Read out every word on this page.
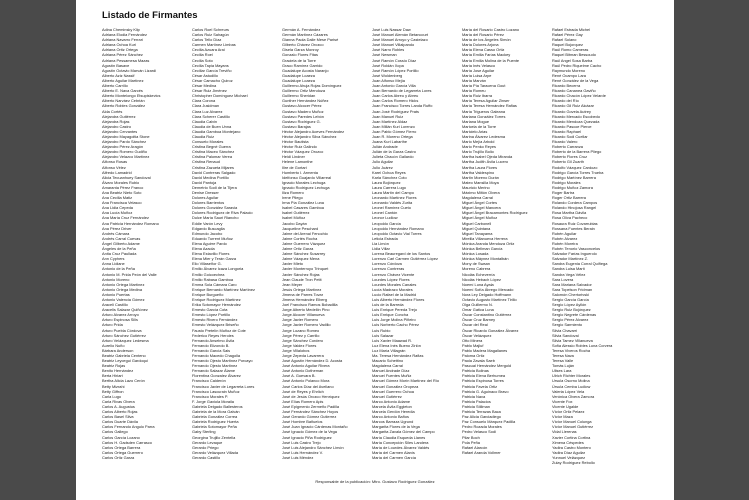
Listado de Firmantes
Adina Cheminsky Klip
Adriana Elodia Fernández
Adriana Navarro Ferrari
Adriana Ochoa Kuri
Adriana Ortiz Ortega
Adriana Pérez Sánchez
Adriana Pessamesa Mazas
Agustín Basave
Agustín Octavio Marván Lizardi
Alberto Aziz Nassif
Alberto Aguilar Martínez
Alberto Carrillo
Alberto E. Nava Garcés
Alberto Montelongo Etsupiskevics
Alberto Narváez Cebrián
Alberto Robles González
Alda Cortés
Alejandra Gutiérrez
Alejandra Rojas
Alejandro Castro
Alejandro Cervantes
Alejandro Mayagoitia Stone
Alejandro Pardo Sánchez
Alejandro Pérez Aragón
Alejandro Romero Gudiño
Alejandro Velazco Martínez
Alfonso Rosas
Alfonso Vélez
Alfredo Lamadrid
Alicia Tecuanhuey Sandoval
Álvaro Morales Rubio
Amaranta Pérez Franco
Ana Beatriz Nieto Soto
Ana Cecilia Matiz
Ana Francisca Velasco
Ana Lidia Cepeda
Ana Lucía Muñoz
Ana María Cruz Fernández
Ana Patricia Hernández Romano
Ana Pérez Driver
Andrés Cámara
Andrés Carral Cuevas
Ángel Gilberto Adame
Ángeles de la Peña
Anita Cruz Paullada
Ann Cyphers
Anna Lidiane
Antonio de la Peña
Antonio M. Prida Peón del Valle
Antonio Moreno
Antonio Ortega Martínez
Antonio Ortega Medina
Antonio Puertas
Antonio Valencia Gómez
Araceli Castillo
Aracelis Salazar Quiñónez
Arturo Alvarez Arroyo
Arturo Espinosa Silis
Arturo Prida
Arturo Puebla Córdova
Arturo Sánchez Gutiérrez
Arturo Velázquez Ledesma
Aurelio Nuño
Bárbara Anderson
Beatriz Gabriela Centeno
Beatriz Leycegui Gardoqui
Beatriz Rojas
Benito Hernández
Berta Hiriart
Bertha Alicia Lazo Cerón
Betty Mizrahi
Betty Giffron
Carla Lugo
Carla Rivas Olvera
Carlos A. Augustus
Carlos Alberto Rojas
Carlos Basel Silva
Carlos Duarte Dávila
Carlos Fernando Angulo Parra
Carlos Gallego
Carlos García Lozano
Carlos H. Gadsden Carrasco
Carlos Ortega Barrera
Carlos Ortega Guerrero
Carlos Ortiz Garza
Carlos Roel Schreurs
Carlos Ruiz Sahagún
Carlos Tello Díaz
Carmen Martínez Limbas
Cecilia Azuara Arai
Cecilia Roel
Cecilia Soto
Cecilia Tapia Mayans
Ceciliar García Treviño
César Astudillo
César Camacho Quiroz
César Medina
César Ruiz Jiménez
Christopher Domínguez Michael
Clara Corona
Clara Jusidman
Clara Luz Alvarez
Clara Scherer Castillo
Claudia Calvin
Claudia de Buen Unna
Claudia Gamboa Montejano
Claudia Ruiz
Consuelo Morales
Cristina Begné Guerra
Cristina Maceo Sánchez
Cristina Palomar Verea
Cristina Renaud
Cristina Zazueta Mijares
David Contreras Salgado
David Medina Portillo
David Pantoja
Demetrio Sodi de la Tijera
Denise Dresser
Dolores Aguilar
Dolores Barrientos
Dolores González Saravia
Dolores Rodríguez de Riva Palacio
Dulce María Sauri Riancho
Eddie Varón Levy
Edgardo Buscaglia
Edmundo Jacobo
Eduardo Turrent Muñoz
Elena Aguirre Pardo
Elena Azaola
Elena Estavillo Flores
Elena Mier y Terán Garza
Elio Villaseñor G.
Emilio Álvarez Icaza Longoria
Emilio Goicoechea
Emilio Rabasa Gamboa
Emma Sola Cámara Caro
Enrique Bernardo Martínez Martínez
Enrique Burgueño
Enrique Rodríguez Martínez
Erika Sotomayor Hernández
Ernesto García Cota
Ernesto López Portillo
Ernesto Rivero Fernández
Ernesto Velázquez Briseño
Fausto Pretelín Muñoz de Cote
Federico Reyes Heroles
Fernando Anselmo Ávila
Fernando Elizondo B.
Fernando García Sais
Fernando Macedo Chagolla
Fernando Ojesto Martínez Porcayo
Fernando Ojesto Martínez
Fernando Salazar Álame
Florentina Gonzalez Álvarez
Francisco Calderón
Francisco Javier de Legarreta Lores
Francisco Lascurain Muñoz
Francisco Morales P.
F. Jorge Gaxiola Moraila
Gabriela Delgado Ballesteros
Gabriela de la Mora Galván
Gabriela González Correa
Gabriela Rodríguez Huerta
Gabriela Sotomayor Peña
Gaby Sterling
Georgina Trujillo Zentella
Gerardo Levaque
Gerardo Priego
Gerardo Velázquez Villada
Gerardo Castillo
Germán A. Fernández
Germán Martínez Cázares
Gianna Paola Dalle Mese Parisé
Gilberto Chávez Orozco
Gisela Garza Monroy
Gonzalo Flores Fitas
Graciela de la Torre
Graco Ramírez Garrido
Guadalupe Acosta Naranjo
Guadalupe Loaeza
Guadalupe Loaeza
Guillermo Ahuja Rojas Domínguez
Guillermo Ortiz Mendoza
Guillermo Sheridan
Gunther Hernández Núñez
Gustavo Alcocer Pérez
Gustavo Madero Muñoz
Gustavo Paredes Lebón
Gustavo Rodríguez G.
Gustavo Barajas
Héctor Alejandro Aceves Fernández
Héctor Alejandro Silva Sánchez
Héctor Bautista
Héctor Ruiz Galindo
Héctor Vázquez Orozco
Heidi Lindner
Helene Lamonthe
Ilire de Gortari
Humberto I. Armenta
Idelfonso Guajardo Villarreal
Ignacio Morales Lechuga
Ignacio Rodríguez Lechuga
Iliza Romero
Irene Pliego
Irma Pía González Luna
Isabel Casares Gamboa
Isabel Gutiérrez
Isabel Múñoz
Jacobo Dayán
Jacqueline Peschard
Jaime del Arenal Fenochio
Jaime Cortés Rocha
Jaime Guerrero Vázquez
Jaime Ortiz Garza
Jaime Sánchez Susarrey
Jaime Vázquez Mena
Javier Mieto
Javier Monterroyo Trinquet
Javier Sánchez Rojas
Jean Claude Tron Petit
Jean Meyer
Jesús Ortega Martínez
Jimena de Parres Tovar
Jimena Hernández Elberg
Joel Francisco Ramos Bobadilla
Jorge Alberto Medellín Pino
Jorge Alcocer Villanueva
Jorge Javier Romero
Jorge Javier Romero Vadillo
Jorge Lozano Romeo
Jorge Pérez y Carrillo
Jorge Sánchez Cordero
Jorge Valdez Flores
Jorge Villalobos
Jorge Zepeda Lavarrera
José Agustín Hernández D. Acosta
José Antonio Aguilar Rivera
José Antonio Dotheman
José A. Guevara B.
José Antonio Polanco Mora
José Carlos Díaz del Avellano
José de Reyes y Ehrlich
José de Jesús Orozco Henríquez
José Elías Romero Apis
José Epigmenio Zermeño Padilla
José Fernández Sánchez Hoyos
José Gerardo Gómez Gutierrez
José Hombre Bañuelos
José Juan Ignacio Cárdenas Montaño
José Ignacio Gómez de la Vega
José Ignacio Piña Rodríguez
José Luis Castro Trejo
José Luis Alejandro Sánchez Limón
José Luis Hernández V.
José Luis Méndez
José Luis Nassar Daw
José Manuel Alemán Betancourt
José Manuel Arroyo y Castelazo
José Manuel Villalpando
José Narro Robles
José Newman
José Ramón Cossío Díaz
José Roldán Xopa
José Ramón López Portillo
José Woldenberg
Juan Alfonso Mejía
Juan Antonio García Villa
Juan Bernardo de Legarreta Lores
Juan Carlos Abreu y Abreu
Juan Carlos Romero Hicks
Juan Francisco Torres Landa Ruffo
Juan José Rodríguez Prats
Juan Manuel Ruiz
Juan Martínez Aldaz
Juan Millán Kuri Lorenzo
Juan Pablo Gómez Fierro
Juan R. Moreno Ortega
Juana Kuri Labarthe
Julián Andrade
Julián de la Garza Castro
Julieta Chacón Gallardo
Julio Aguilar
Julio Juárez
Karel Ochoa Reyes
Karla Sánchez Coto
Laura Bojórquez
Laura Carrera Lugo
Laura Martín del Campo
Leonardo Martínez Flores
Leonardo Valdés Zurita
Leonel Ramírez Cueto
Leonel Cantón
Leonor Ludlow
Leopoldo García
Leopoldo Hernández Romano
Leopoldo Octavio Vial Torres
Leticia Estrada
Lia Limón
Lidia Villar
Lorena Beauregard de los Santos
Lorenzo Carl Carmen Gutiérrez López
Lorenzo Córdova
Lorenzo Contreras
Lorenzo Chávez Vicente
Lourdes López Flores
Lourdes Morales Canales
Lucía Madrazo Morales
Lucio Rafael de la Madrid
Luis Alberto Hernández Flores
Luis de la Barreda
Luis Enrique Pereda Trejo
Luis Enrique Concha
Luis Jorge Molina Piñeiro
Luis Norberto Cacho Pérez
Luis Rubio
Luis Salazar
Luis Xavier Maawad R.
Luz Elena Inés Bueno Zirión
Luz María Villagrán
Ma. Teresa Hernández Rafias
Macario Schettino
Magdalena Carral
Manuel Andrade Díaz
Manuel Fuentes Muñiz
Manuel Gómez Morín Martínez del Río
Manuel González Oropeza
Manuel Guerrero Ochoa
Manuel Gutiérrez
Marco Antonio Adame
Marcela Ávila Eggleton
Marcela Gerdón Heredia
Marco Antonio Baños
Marcos Barraza Ugrund
Margarita Flores de la Vega
Margarita Zavala Gómez del Campo
María Claudia Esqueda Llanes
María Concepción Siles Landera
María de Lourdes Álvarez Valdés
María del Carmen Alanís
María del Carmen García
María del Rosario Castro Lozano
María del Rosario Pérez
María de los Ángeles Simón
María Dolores Arjona
María Elena Casso Ortiz
María Emilia Farías Mackey
María Emilia Molina de la Puente
María Inés Velasco
María Jose Aguilar
María Luisa Arpe
María Marván
María Pía Taracena Gout
María Romeu
María Ruiz Ibarra
María Teresa Aguilar Zinser
María Teresa Hernández Rafias
María Trigueros Galeana
Mariana González Torres
Mariana Mogue
Maricela de la Torre
Maricielo Arias
Marina Álvarez Ledesma
Mario Mejía Arbold
Mario Penko Reyes
Mario Trujillo Bolio
Martha Isabel Ojeda Miranda
Martha Judith Ávila Lucero
Martha Laura Flores
Martha Valdespino
Martín Moreno Durán
Mateo Mansilla Moya
Mauricio Merino
Máximo Miltón Olvera
Magdalena Carral
Miguel Ángel Cortes
Miguel Ángel Mancera
Miguel Ángel Bracamontes Rodríguez
Miguel Ángel Muñoz
Miguel Carbonell
Miguel Quintana
Miguel Tanayama
Mireilla Villanueva Herrera
Mónica Aranda Mendoza Ortiz
Mónica Bellman García
Mónica Losada
Mónica Máynez Montalbán
Mony de Swaan
Moreno Cabrera
Nicolás Echeverría
Nicolás Hebach López
Noemí Luna Ayala
Noemí Sofía Ábrego Mercado
Nora Ley Delgado Hoffmann
Octavio Augusto Martínez Tirillo
Olga Guillermo N.
Omar Gatica Luna
Óscar Constantino Gutiérrez
Óscar Cruz Barney
Óscar del Real
Óscar Ricardo González Álvarez
Óscar Velázquez
Otto Minera
Pablo Majluf
Pablo Madera Magallanes
Paloma Ortiz
Paola Zavala Saeb
Pascual Hernández Mergold
Patricia Bolinas
Patricia Elena Berhumea
Patricia Espinosa Torres
Patricia Favela Ortiz
Patricia G. Aguinaco Bravo
Patricia Nava
Patricia Palacios
Patricia Stillman
Patricia Terrazas Baca
Paz Alicia Garciadiego
Paz Consuelo Márquez Padilla
Pedro Rozada Morales
Pedro Velasco Sodi
Pilar Boch
Pola Peña
Rafael Alarcón
Rafael Aranda Vollmer
Rafael Estrada Michel
Rafael Pérez Gay
Rafael Solano
Raquel Bojorquez
Raúl Romo Cameras
Raquel Bitman Bessoudo
Raúl Angel Sosa Barba
Raúl Pedro Riquelme Cacho
Raymundo Moreno
René Ocampo Lara
René González de la Vega
Ricardo Becerra
Ricardo Cananea Gaviño
Ricardo Chacón López Velarde
Ricardo del Río
Ricardo Gil Ruiz Alcázar
Ricardo Govela Autrey
Ricardo Mercado Escobedo
Ricardo Mendoza Quezada
Ricardo Pascoe Pierce
Ricardo Raphael
Ricardo Sodi Cuellar
Ricardo Valero
Roberto Carranza
Roberto de la Barrera Pliego
Roberto Flores Cruz
Roberto Gil Zuarth
Rodolfo Vázquez Cardozo
Rodrigo García Torres Trueba
Rodrigo Martínez Barrera
Rodrigo Morales
Rodrigo Muñoz Zamora
Roger Bartra
Roger Ortiz Barrera
Rolando Cordera Campos
Rolando Hinojosa Rangel
Rosa Martha Dávila
Rosa Oliva Pacheco
Rosaura Ruiz Covarrubias
Rossana Fuentes Berain
Rubén Aguilar
Rubén Alvarez
Rubén Moreira
Rubén Tenorio Vasconcelos
Salvador Farías Inguerolo
Salvador Martínez Z.
Sandra Eugenia Corral Quiñega
Sandra Luisa Martí
Sandra Vega Vélez
Sara Lovera
Sara Mariana Salvador
Sara Topelson Fridman
Salomón Chertorivski
Sergio García García
Sergio López Ayllón
Sergio Ruiz Bojórquez
Sergio Negrete Cárdenas
Sergio Pérez Alvarez
Sergio Sarmiento
Silvia Chavarri
Silvia Sandoval
Silvia Tamez Villanueva
Sofía Alessio Robles Luna Corvera
Teresa Viveros Rocha
Teresa Nava
Teresa Valle
Tomás Luján
Ulises Lara
Ulrich Richter Morales
Ursula Osorno Molina
Úrsula Cemba Ludlow
Valeria López Vela
Verónica Olvera Zamora
Vicente Fox
Vicente Ugalde
Víctor Ortiz Pelaez
Víctor Maza
Víctor Manuel Colunga
Víctor Manuel Gutiérrez
Vidal Llerenas
Xavier Cortina Cortina
Ximena Céspedes
Yadira Castro Montero
Yadira Díaz Aguilar
Yunnuel Velázquez
Zulay Rodríguez Rebollo
Responsable de la publicación: Mtro. Gustavo Rodríguez González
